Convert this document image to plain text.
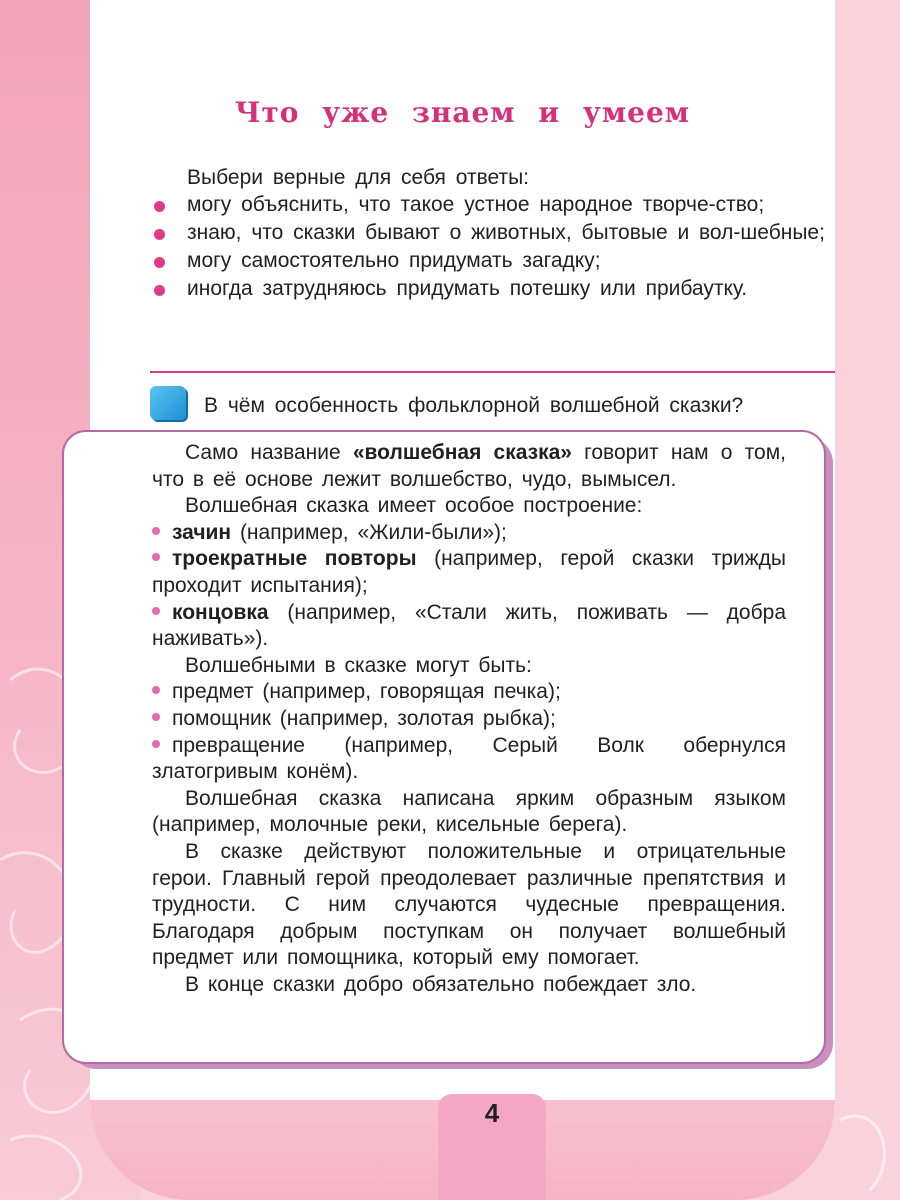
Что уже знаем и умеем
Выбери верные для себя ответы:
могу объяснить, что такое устное народное творче-ство;
знаю, что сказки бывают о животных, бытовые и вол-шебные;
могу самостоятельно придумать загадку;
иногда затрудняюсь придумать потешку или прибаутку.
В чём особенность фольклорной волшебной сказки?

Само название «волшебная сказка» говорит нам о том, что в её основе лежит волшебство, чудо, вымысел.

Волшебная сказка имеет особое построение:

зачин (например, «Жили-были»);

троекратные повторы (например, герой сказки трижды проходит испытания);

концовка (например, «Стали жить, поживать — добра наживать»).

Волшебными в сказке могут быть:

предмет (например, говорящая печка);

помощник (например, золотая рыбка);

превращение (например, Серый Волк обернулся златогривым конём).

Волшебная сказка написана ярким образным языком (например, молочные реки, кисельные берега).

В сказке действуют положительные и отрицательные герои. Главный герой преодолевает различные препятствия и трудности. С ним случаются чудесные превращения. Благодаря добрым поступкам он получает волшебный предмет или помощника, который ему помогает.

В конце сказки добро обязательно побеждает зло.

4
